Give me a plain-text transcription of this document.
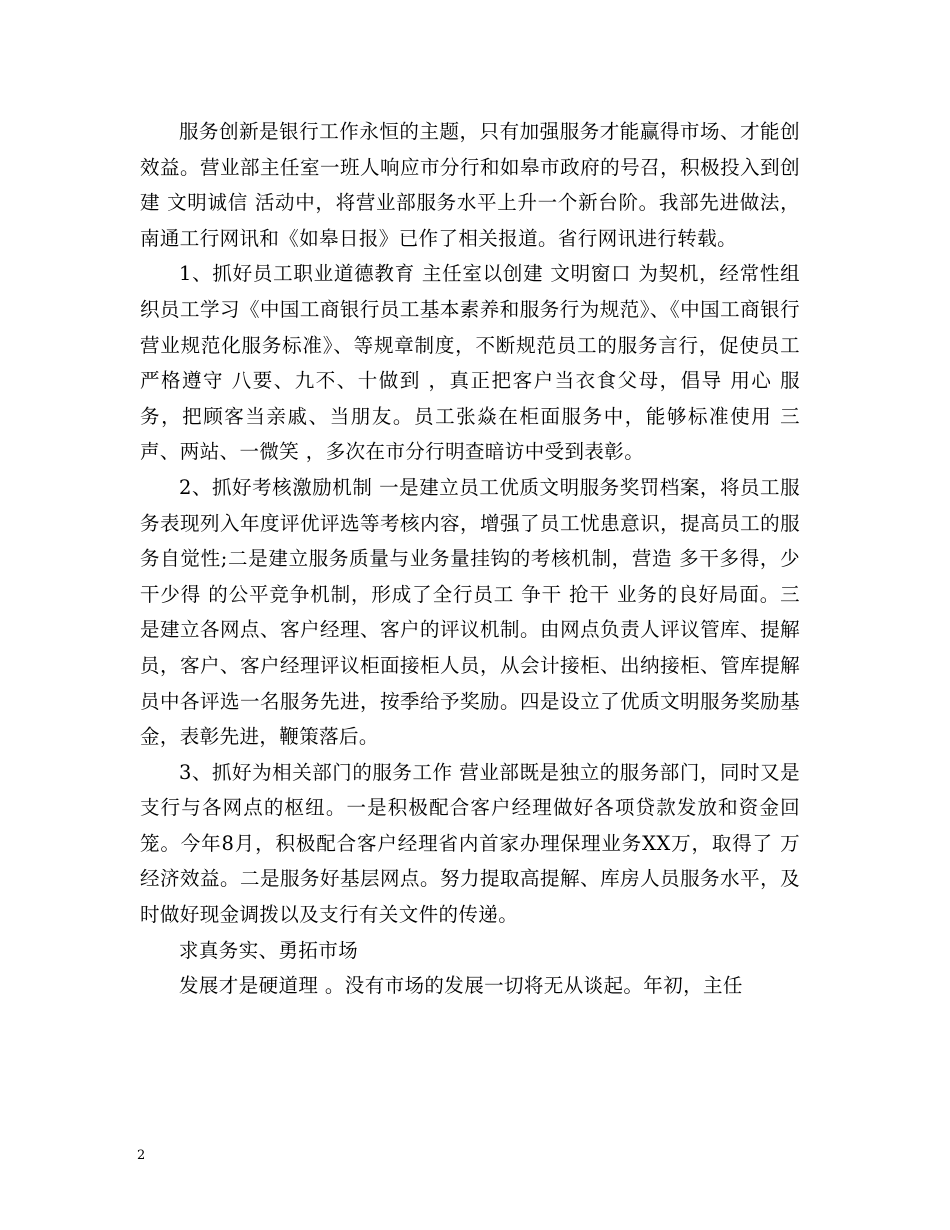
服务创新是银行工作永恒的主题，只有加强服务才能赢得市场、才能创效益。营业部主任室一班人响应市分行和如皋市政府的号召，积极投入到创建 文明诚信 活动中，将营业部服务水平上升一个新台阶。我部先进做法，南通工行网讯和《如皋日报》已作了相关报道。省行网讯进行转载。

1、抓好员工职业道德教育 主任室以创建 文明窗口 为契机，经常性组织员工学习《中国工商银行员工基本素养和服务行为规范》、《中国工商银行营业规范化服务标准》、等规章制度，不断规范员工的服务言行，促使员工严格遵守 八要、九不、十做到 ，真正把客户当衣食父母，倡导 用心 服务，把顾客当亲戚、当朋友。员工张焱在柜面服务中，能够标准使用 三声、两站、一微笑 ，多次在市分行明查暗访中受到表彰。

2、抓好考核激励机制 一是建立员工优质文明服务奖罚档案，将员工服务表现列入年度评优评选等考核内容，增强了员工忧患意识，提高员工的服务自觉性;二是建立服务质量与业务量挂钩的考核机制，营造 多干多得，少干少得 的公平竞争机制，形成了全行员工 争干 抢干 业务的良好局面。三是建立各网点、客户经理、客户的评议机制。由网点负责人评议管库、提解员，客户、客户经理评议柜面接柜人员，从会计接柜、出纳接柜、管库提解员中各评选一名服务先进，按季给予奖励。四是设立了优质文明服务奖励基金，表彰先进，鞭策落后。

3、抓好为相关部门的服务工作 营业部既是独立的服务部门，同时又是支行与各网点的枢纽。一是积极配合客户经理做好各项贷款发放和资金回笼。今年8月，积极配合客户经理省内首家办理保理业务XX万，取得了 万经济效益。二是服务好基层网点。努力提取高提解、库房人员服务水平，及时做好现金调拨以及支行有关文件的传递。

求真务实、勇拓市场

发展才是硬道理 。没有市场的发展一切将无从谈起。年初，主任

2
